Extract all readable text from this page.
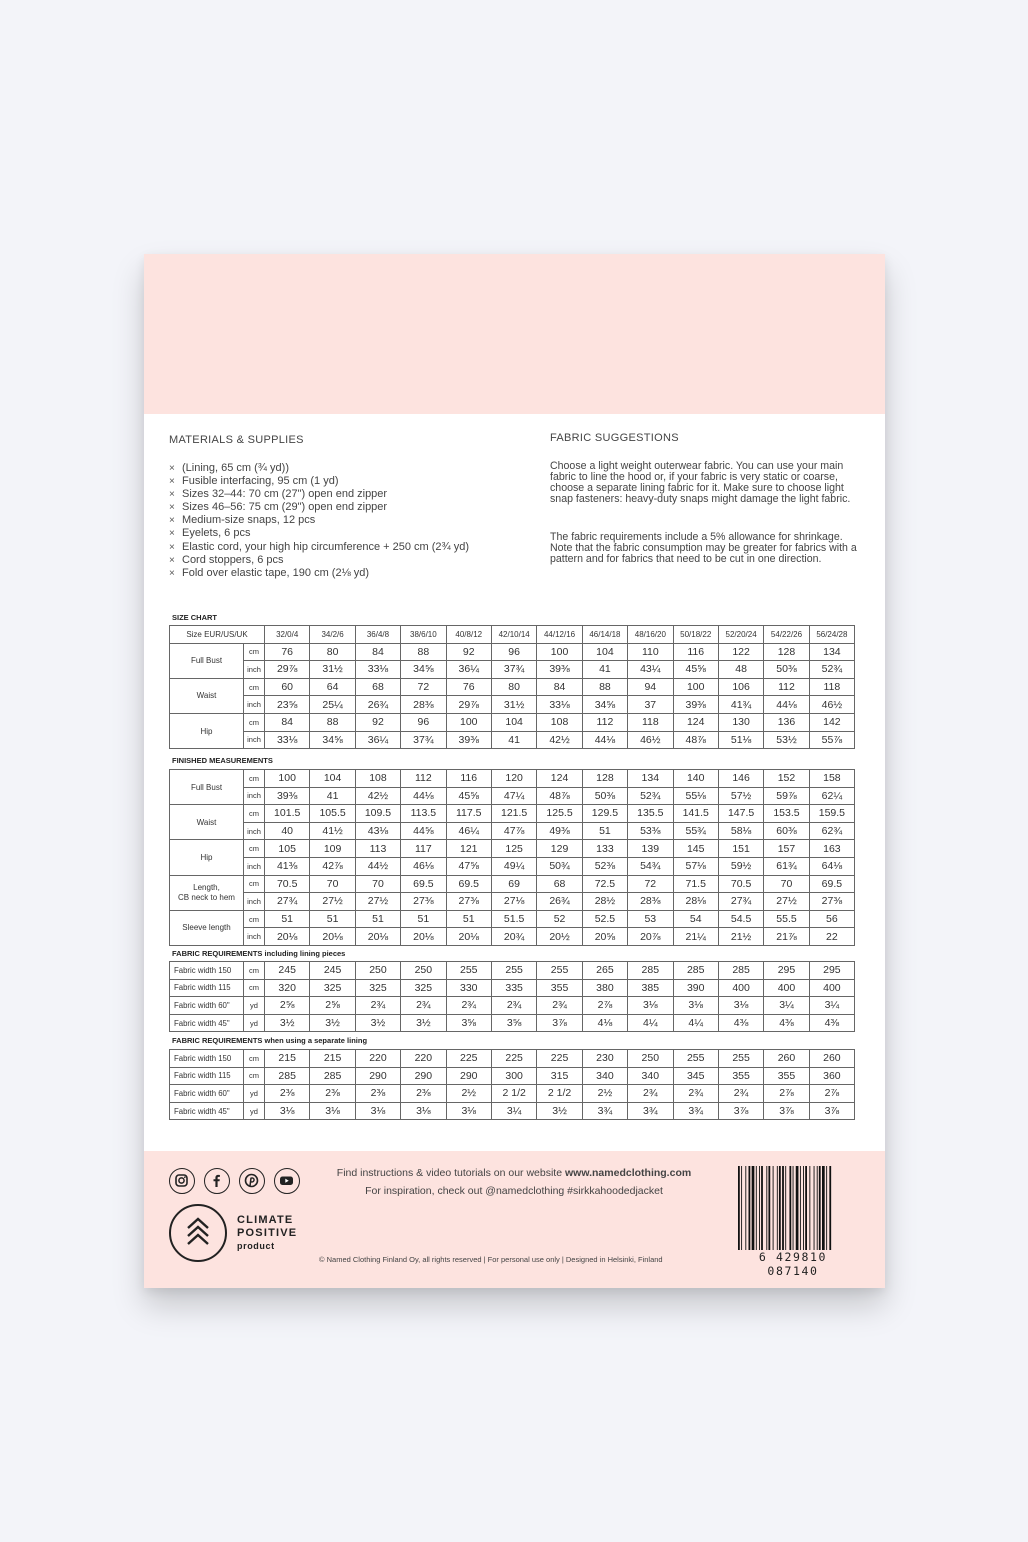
MATERIALS & SUPPLIES
× (Lining, 65 cm (¾ yd))
× Fusible interfacing, 95 cm (1 yd)
× Sizes 32–44: 70 cm (27") open end zipper
× Sizes 46–56: 75 cm (29") open end zipper
× Medium-size snaps, 12 pcs
× Eyelets, 6 pcs
× Elastic cord, your high hip circumference + 250 cm (2¾ yd)
× Cord stoppers, 6 pcs
× Fold over elastic tape, 190 cm (2⅛ yd)
FABRIC SUGGESTIONS
Choose a light weight outerwear fabric. You can use your main fabric to line the hood or, if your fabric is very static or coarse, choose a separate lining fabric for it. Make sure to choose light snap fasteners: heavy-duty snaps might damage the light fabric.
The fabric requirements include a 5% allowance for shrinkage. Note that the fabric consumption may be greater for fabrics with a pattern and for fabrics that need to be cut in one direction.
SIZE CHART
Size EUR/US/UK		32/0/4	34/2/6	36/4/8	38/6/10	40/8/12	42/10/14	44/12/16	46/14/18	48/16/20	50/18/22	52/20/24	54/22/26	56/24/28
Full Bust	cm	76	80	84	88	92	96	100	104	110	116	122	128	134
	inch	29⅞	31½	33⅛	34⅝	36¼	37¾	39⅜	41	43¼	45⅝	48	50⅜	52¾
Waist	cm	60	64	68	72	76	80	84	88	94	100	106	112	118
	inch	23⅝	25¼	26¾	28⅜	29⅞	31½	33⅛	34⅝	37	39⅜	41¾	44⅛	46½
Hip	cm	84	88	92	96	100	104	108	112	118	124	130	136	142
	inch	33⅛	34⅝	36¼	37¾	39⅜	41	42½	44⅛	46½	48⅞	51⅛	53½	55⅞
FINISHED MEASUREMENTS
Full Bust	cm	100	104	108	112	116	120	124	128	134	140	146	152	158
	inch	39⅜	41	42½	44⅛	45⅝	47¼	48⅞	50⅜	52¾	55⅛	57½	59⅞	62¼
Waist	cm	101.5	105.5	109.5	113.5	117.5	121.5	125.5	129.5	135.5	141.5	147.5	153.5	159.5
	inch	40	41½	43⅛	44⅝	46¼	47⅞	49⅜	51	53⅜	55¾	58⅛	60⅜	62¾
Hip	cm	105	109	113	117	121	125	129	133	139	145	151	157	163
	inch	41⅜	42⅞	44½	46⅛	47⅝	49¼	50¾	52⅜	54¾	57⅛	59½	61¾	64⅛
Length,
CB neck to hem	cm	70.5	70	70	69.5	69.5	69	68	72.5	72	71.5	70.5	70	69.5
	inch	27¾	27½	27½	27⅜	27⅜	27⅛	26¾	28½	28⅜	28⅛	27¾	27½	27⅜
Sleeve length	cm	51	51	51	51	51	51.5	52	52.5	53	54	54.5	55.5	56
	inch	20⅛	20⅛	20⅛	20⅛	20⅛	20¾	20½	20⅝	20⅞	21¼	21½	21⅞	22
FABRIC REQUIREMENTS including lining pieces
Fabric width 150	cm	245	245	250	250	255	255	255	265	285	285	285	295	295
Fabric width 115	cm	320	325	325	325	330	335	355	380	385	390	400	400	400
Fabric width 60"	yd	2⅝	2⅝	2¾	2¾	2¾	2¾	2¾	2⅞	3⅛	3⅛	3⅛	3¼	3¼
Fabric width 45"	yd	3½	3½	3½	3½	3⅝	3⅝	3⅞	4⅛	4¼	4¼	4⅜	4⅜	4⅜
FABRIC REQUIREMENTS when using a separate lining
Fabric width 150	cm	215	215	220	220	225	225	225	230	250	255	255	260	260
Fabric width 115	cm	285	285	290	290	290	300	315	340	340	345	355	355	360
Fabric width 60"	yd	2⅜	2⅜	2⅜	2⅜	2½	2 1/2	2 1/2	2½	2¾	2¾	2¾	2⅞	2⅞
Fabric width 45"	yd	3⅛	3⅛	3⅛	3⅛	3⅛	3¼	3½	3¾	3¾	3¾	3⅞	3⅞	3⅞
CLIMATE
POSITIVE
product
Find instructions & video tutorials on our website www.namedclothing.com
For inspiration, check out @namedclothing #sirkkahoodedjacket
© Named Clothing Finland Oy, all rights reserved | For personal use only | Designed in Helsinki, Finland	6 429810 087140
